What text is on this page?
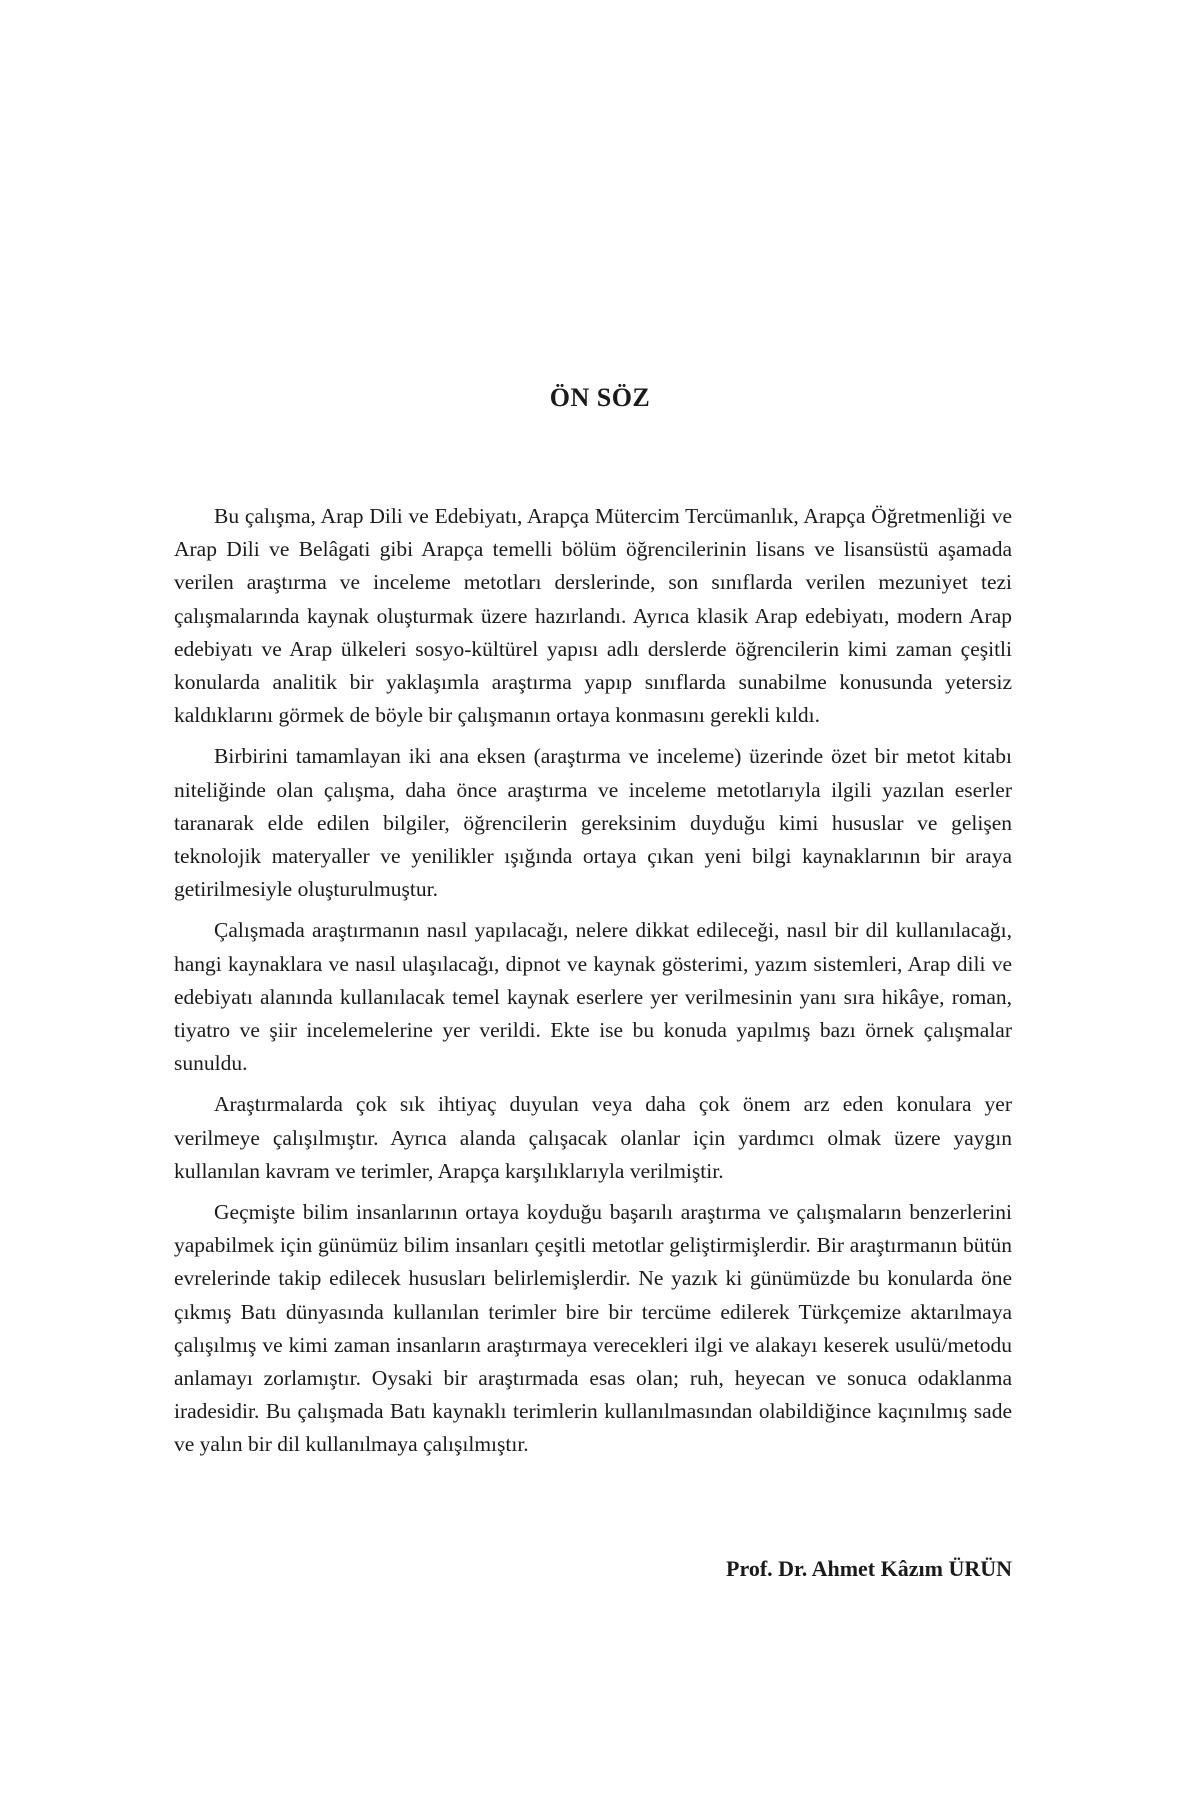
ÖN SÖZ

Bu çalışma, Arap Dili ve Edebiyatı, Arapça Mütercim Tercümanlık, Arapça Öğretmenliği ve Arap Dili ve Belâgati gibi Arapça temelli bölüm öğrencilerinin lisans ve lisansüstü aşamada verilen araştırma ve inceleme metotları derslerinde, son sınıflarda verilen mezuniyet tezi çalışmalarında kaynak oluşturmak üzere hazırlandı. Ayrıca klasik Arap edebiyatı, modern Arap edebiyatı ve Arap ülkeleri sosyo-kültürel yapısı adlı derslerde öğrencilerin kimi zaman çeşitli konularda analitik bir yaklaşımla araştırma yapıp sınıflarda sunabilme konusunda yetersiz kaldıklarını görmek de böyle bir çalışmanın ortaya konmasını gerekli kıldı.

Birbirini tamamlayan iki ana eksen (araştırma ve inceleme) üzerinde özet bir metot kitabı niteliğinde olan çalışma, daha önce araştırma ve inceleme metotlarıyla ilgili yazılan eserler taranarak elde edilen bilgiler, öğrencilerin gereksinim duyduğu kimi hususlar ve gelişen teknolojik materyaller ve yenilikler ışığında ortaya çıkan yeni bilgi kaynaklarının bir araya getirilmesiyle oluşturulmuştur.

Çalışmada araştırmanın nasıl yapılacağı, nelere dikkat edileceği, nasıl bir dil kullanılacağı, hangi kaynaklara ve nasıl ulaşılacağı, dipnot ve kaynak gösterimi, yazım sistemleri, Arap dili ve edebiyatı alanında kullanılacak temel kaynak eserlere yer verilmesinin yanı sıra hikâye, roman, tiyatro ve şiir incelemelerine yer verildi. Ekte ise bu konuda yapılmış bazı örnek çalışmalar sunuldu.

Araştırmalarda çok sık ihtiyaç duyulan veya daha çok önem arz eden konulara yer verilmeye çalışılmıştır. Ayrıca alanda çalışacak olanlar için yardımcı olmak üzere yaygın kullanılan kavram ve terimler, Arapça karşılıklarıyla verilmiştir.

Geçmişte bilim insanlarının ortaya koyduğu başarılı araştırma ve çalışmaların benzerlerini yapabilmek için günümüz bilim insanları çeşitli metotlar geliştirmişlerdir. Bir araştırmanın bütün evrelerinde takip edilecek hususları belirlemişlerdir. Ne yazık ki günümüzde bu konularda öne çıkmış Batı dünyasında kullanılan terimler bire bir tercüme edilerek Türkçemize aktarılmaya çalışılmış ve kimi zaman insanların araştırmaya verecekleri ilgi ve alakayı keserek usulü/metodu anlamayı zorlamıştır. Oysaki bir araştırmada esas olan; ruh, heyecan ve sonuca odaklanma iradesidir. Bu çalışmada Batı kaynaklı terimlerin kullanılmasından olabildiğince kaçınılmış sade ve yalın bir dil kullanılmaya çalışılmıştır.

Prof. Dr. Ahmet Kâzım ÜRÜN
